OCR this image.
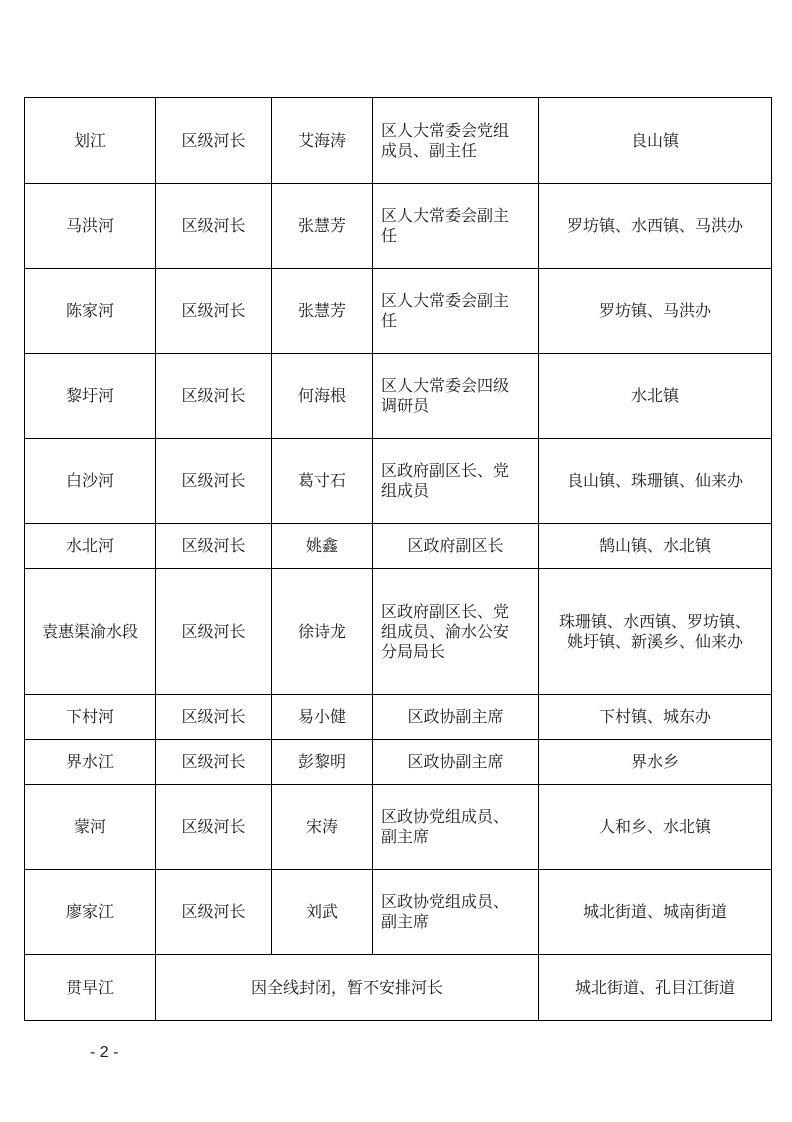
划江	区级河长	艾海涛	区人大常委会党组
成员、副主任	良山镇
马洪河	区级河长	张慧芳	区人大常委会副主
任	罗坊镇、水西镇、马洪办
陈家河	区级河长	张慧芳	区人大常委会副主
任	罗坊镇、马洪办
黎圩河	区级河长	何海根	区人大常委会四级
调研员	水北镇
白沙河	区级河长	葛寸石	区政府副区长、党
组成员	良山镇、珠珊镇、仙来办
水北河	区级河长	姚鑫	区政府副区长	鹄山镇、水北镇
袁惠渠渝水段	区级河长	徐诗龙	区政府副区长、党
组成员、渝水公安
分局局长	珠珊镇、水西镇、罗坊镇、
姚圩镇、新溪乡、仙来办

下村河	区级河长	易小健	区政协副主席	下村镇、城东办
界水江	区级河长	彭黎明	区政协副主席	界水乡
蒙河	区级河长	宋涛	区政协党组成员、
副主席	人和乡、水北镇
廖家江	区级河长	刘武	区政协党组成员、
副主席	城北街道、城南街道
贯早江	因全线封闭，暂不安排河长			城北街道、孔目江街道
- 2 -
